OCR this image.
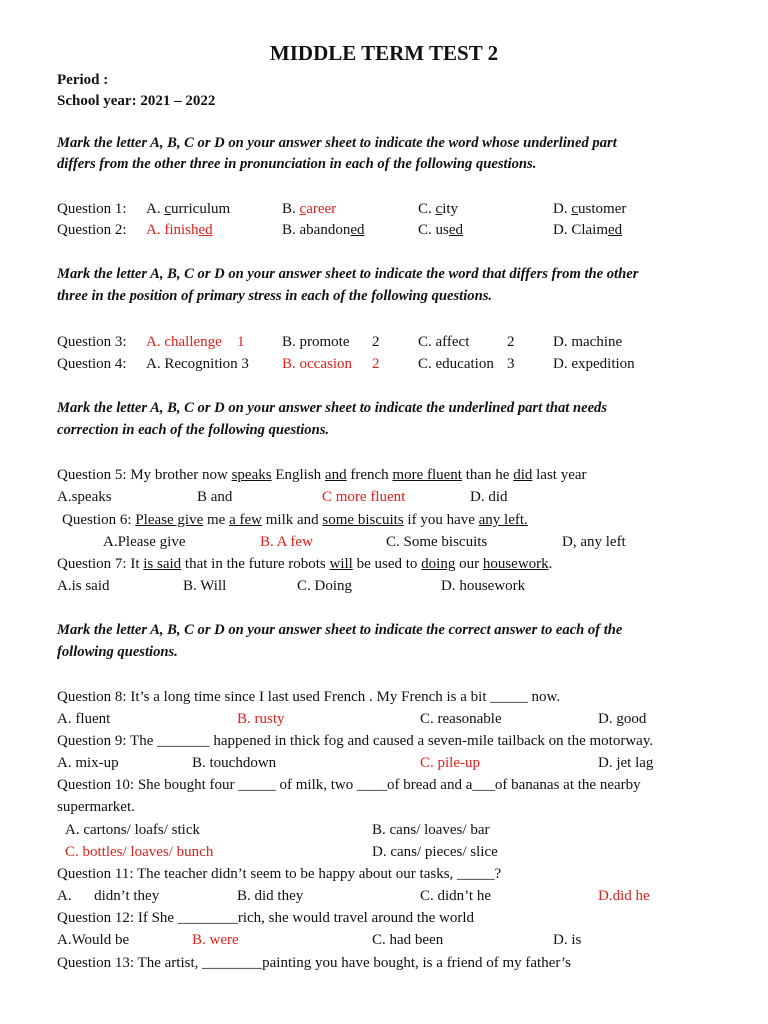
MIDDLE TERM TEST 2
Period :
School year: 2021 – 2022
Mark the letter A, B, C or D on your answer sheet to indicate the word whose underlined part
differs from the other three in pronunciation in each of the following questions.
Question 1: A. curriculum	B. career	C. city	D. customer
Question 2: A. finished	B. abandoned	C. used	D. Claimed
Mark the letter A, B, C or D on your answer sheet to indicate the word that differs from the other
three in the position of primary stress in each of the following questions.
Question 3: A. challenge 1	B. promote 2	C. affect	2	D. machine
Question 4: A. Recognition 3 B. occasion 2	C. education 3	D. expedition
Mark the letter A, B, C or D on your answer sheet to indicate the underlined part that needs
correction in each of the following questions.
Question 5: My brother now speaks English and french more fluent than he did last year
A.speaks	B and	C more fluent	D. did
Question 6: Please give me a few milk and some biscuits if you have any left.
A.Please give	B. A few	C. Some biscuits	D, any left
Question 7: It is said that in the future robots will be used to doing our housework.
A.is said	B. Will	C. Doing	D. housework
Mark the letter A, B, C or D on your answer sheet to indicate the correct answer to each of the
following questions.
Question 8: It’s a long time since I last used French . My French is a bit _____ now.
A. fluent	B. rusty	C. reasonable	D. good
Question 9: The _______ happened in thick fog and caused a seven-mile tailback on the motorway.
A. mix-up	B. touchdown	C. pile-up	D. jet lag
Question 10: She bought four _____ of milk, two ____of bread and a___of bananas at the nearby
supermarket.
A. cartons/ loafs/ stick	B. cans/ loaves/ bar
C. bottles/ loaves/ bunch	D. cans/ pieces/ slice
Question 11: The teacher didn’t seem to be happy about our tasks, _____?
A.      didn’t they	B. did they	C. didn’t he	D.did he
Question 12: If She ________rich, she would travel around the world
A.Would be	B. were	C. had been	D. is
Question 13: The artist, ________painting you have bought, is a friend of my father’s
